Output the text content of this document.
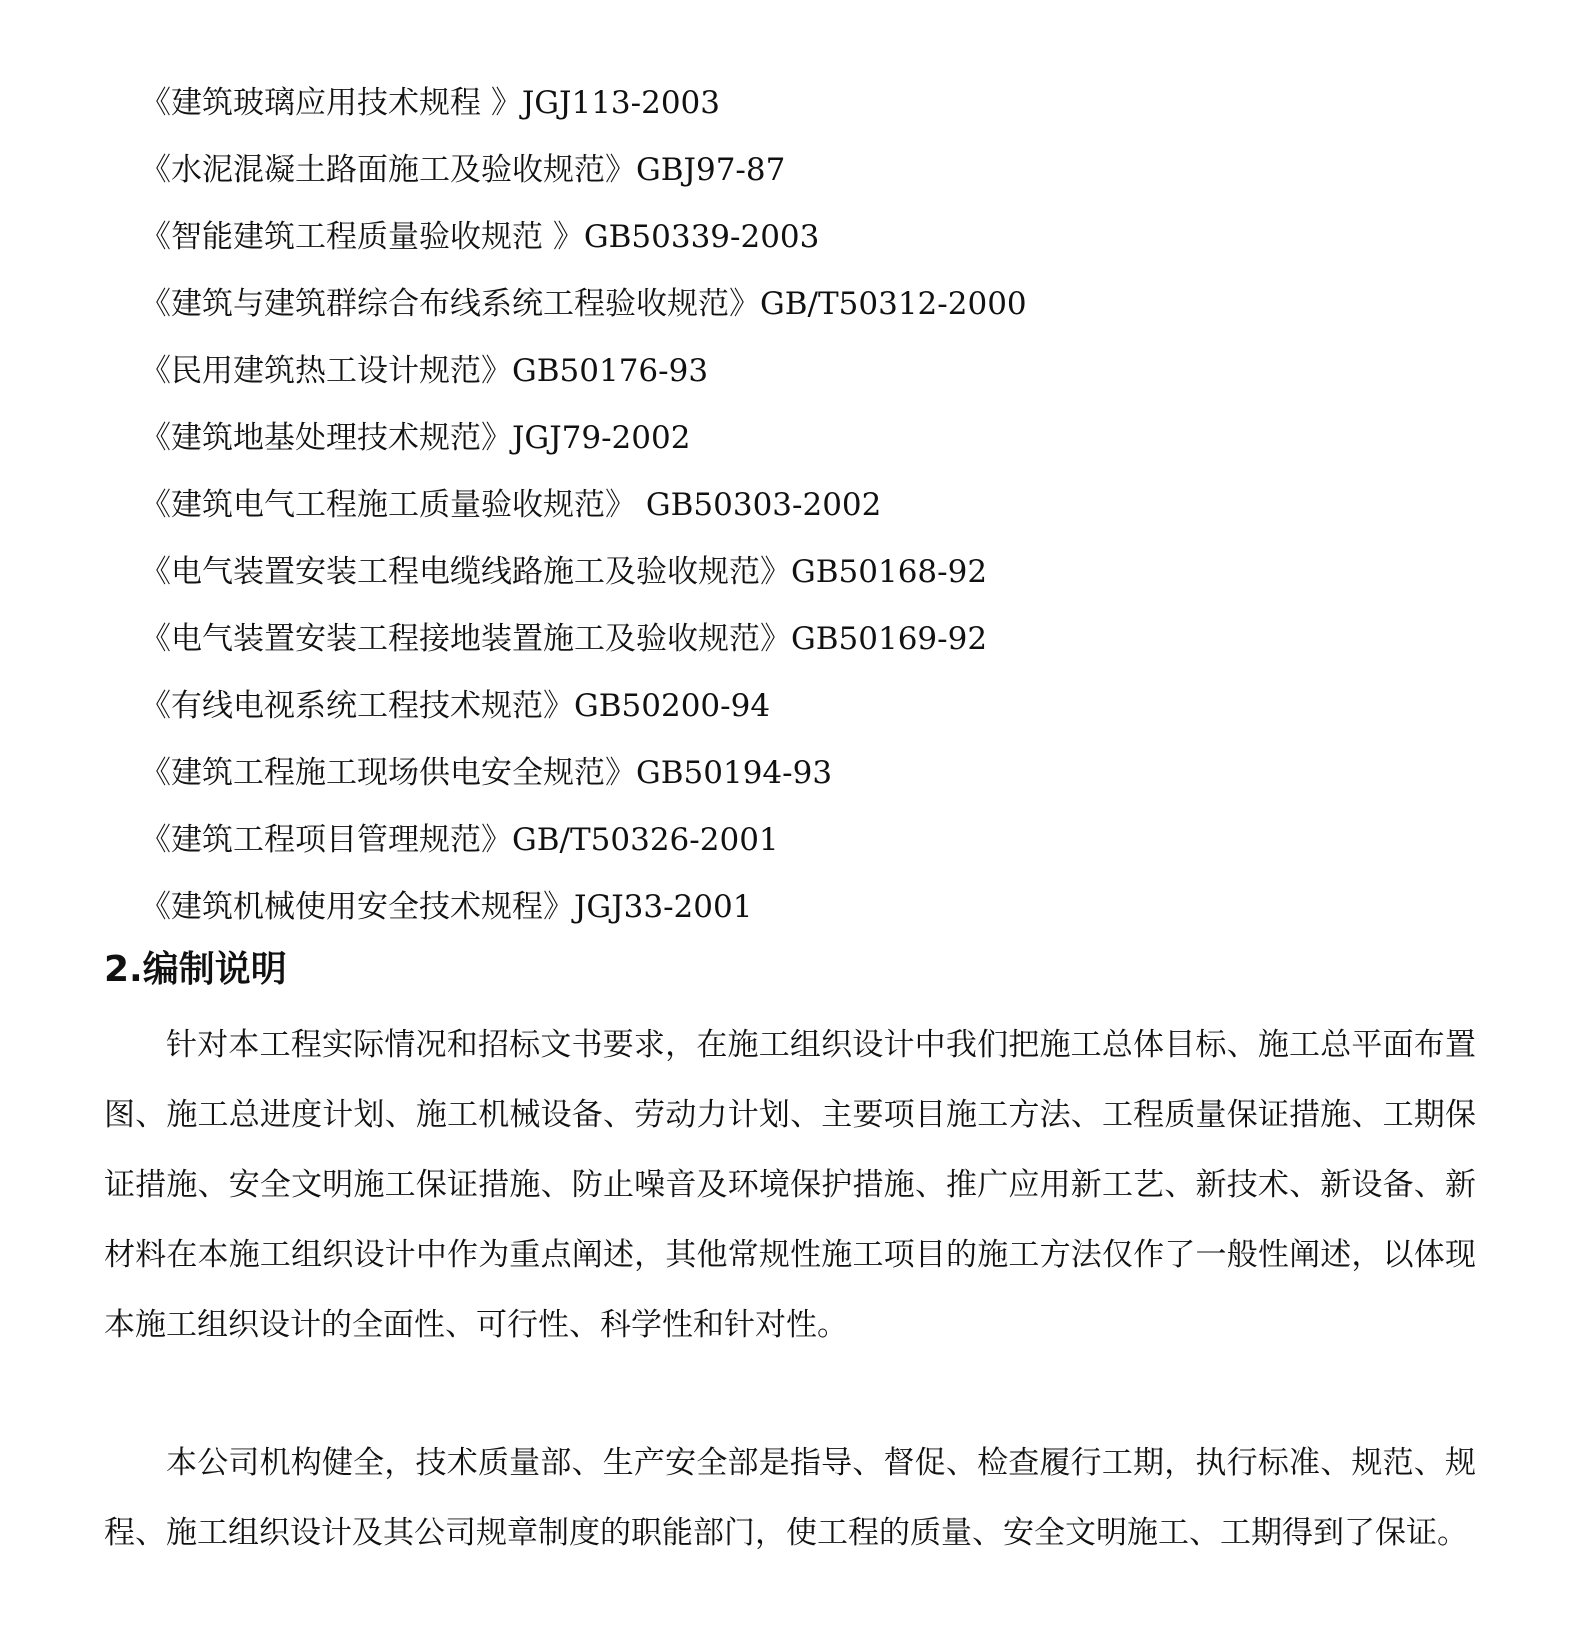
《建筑玻璃应用技术规程 》JGJ113-2003
《水泥混凝土路面施工及验收规范》GBJ97-87
《智能建筑工程质量验收规范 》GB50339-2003
《建筑与建筑群综合布线系统工程验收规范》GB/T50312-2000
《民用建筑热工设计规范》GB50176-93
《建筑地基处理技术规范》JGJ79-2002
《建筑电气工程施工质量验收规范》 GB50303-2002
《电气装置安装工程电缆线路施工及验收规范》GB50168-92
《电气装置安装工程接地装置施工及验收规范》GB50169-92
《有线电视系统工程技术规范》GB50200-94
《建筑工程施工现场供电安全规范》GB50194-93
《建筑工程项目管理规范》GB/T50326-2001
《建筑机械使用安全技术规程》JGJ33-2001
2.编制说明

针对本工程实际情况和招标文书要求，在施工组织设计中我们把施工总体目标、施工总平面布置图、施工总进度计划、施工机械设备、劳动力计划、主要项目施工方法、工程质量保证措施、工期保证措施、安全文明施工保证措施、防止噪音及环境保护措施、推广应用新工艺、新技术、新设备、新材料在本施工组织设计中作为重点阐述，其他常规性施工项目的施工方法仅作了一般性阐述，以体现本施工组织设计的全面性、可行性、科学性和针对性。

本公司机构健全，技术质量部、生产安全部是指导、督促、检查履行工期，执行标准、规范、规程、施工组织设计及其公司规章制度的职能部门，使工程的质量、安全文明施工、工期得到了保证。
